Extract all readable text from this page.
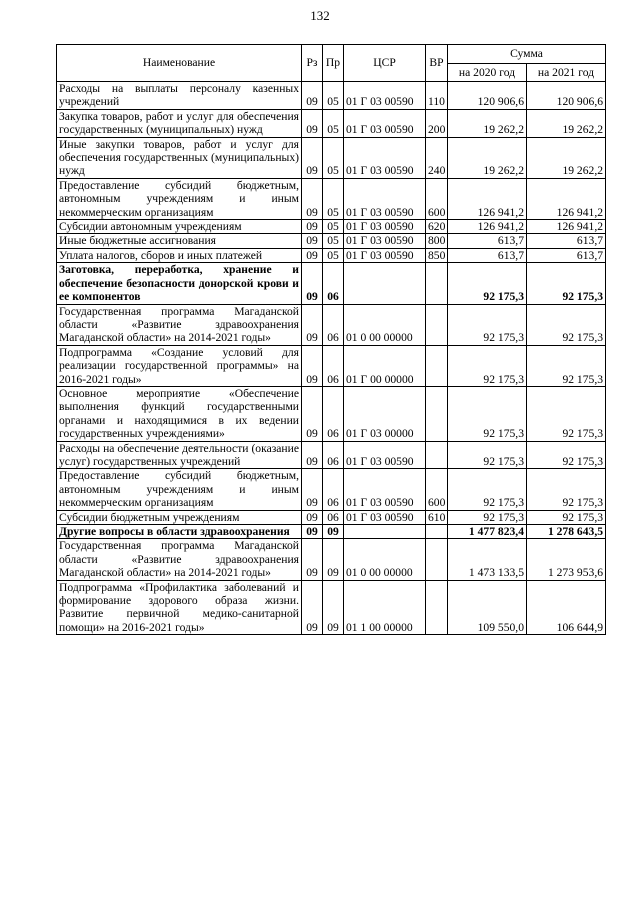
132
Наименование	Рз	Пр	ЦСР	ВР	Сумма	
					на 2020 год	на 2021 год
Расходы на выплаты персоналу казенных учреждений	09	05	01 Г 03 00590	110	120 906,6	120 906,6
Закупка товаров, работ и услуг для обеспечения государственных (муниципальных) нужд	09	05	01 Г 03 00590	200	19 262,2	19 262,2
Иные закупки товаров, работ и услуг для обеспечения государственных (муниципальных) нужд	09	05	01 Г 03 00590	240	19 262,2	19 262,2
Предоставление субсидий бюджетным, автономным учреждениям и иным некоммерческим организациям	09	05	01 Г 03 00590	600	126 941,2	126 941,2
Субсидии автономным учреждениям	09	05	01 Г 03 00590	620	126 941,2	126 941,2
Иные бюджетные ассигнования	09	05	01 Г 03 00590	800	613,7	613,7
Уплата налогов, сборов и иных платежей	09	05	01 Г 03 00590	850	613,7	613,7
Заготовка, переработка, хранение и обеспечение безопасности донорской крови и ее компонентов	09	06			92 175,3	92 175,3
Государственная программа Магаданской области «Развитие здравоохранения Магаданской области» на 2014-2021 годы»	09	06	01 0 00 00000		92 175,3	92 175,3
Подпрограмма «Создание условий для реализации государственной программы» на 2016-2021 годы»	09	06	01 Г 00 00000		92 175,3	92 175,3
Основное мероприятие «Обеспечение выполнения функций государственными органами и находящимися в их ведении государственных учреждениями»	09	06	01 Г 03 00000		92 175,3	92 175,3
Расходы на обеспечение деятельности (оказание услуг) государственных учреждений	09	06	01 Г 03 00590		92 175,3	92 175,3
Предоставление субсидий бюджетным, автономным учреждениям и иным некоммерческим организациям	09	06	01 Г 03 00590	600	92 175,3	92 175,3
Субсидии бюджетным учреждениям	09	06	01 Г 03 00590	610	92 175,3	92 175,3
Другие вопросы в области здравоохранения	09	09			1 477 823,4	1 278 643,5
Государственная программа Магаданской области «Развитие здравоохранения Магаданской области» на 2014-2021 годы»	09	09	01 0 00 00000		1 473 133,5	1 273 953,6
Подпрограмма «Профилактика заболеваний и формирование здорового образа жизни. Развитие первичной медико-санитарной помощи» на 2016-2021 годы»	09	09	01 1 00 00000		109 550,0	106 644,9
